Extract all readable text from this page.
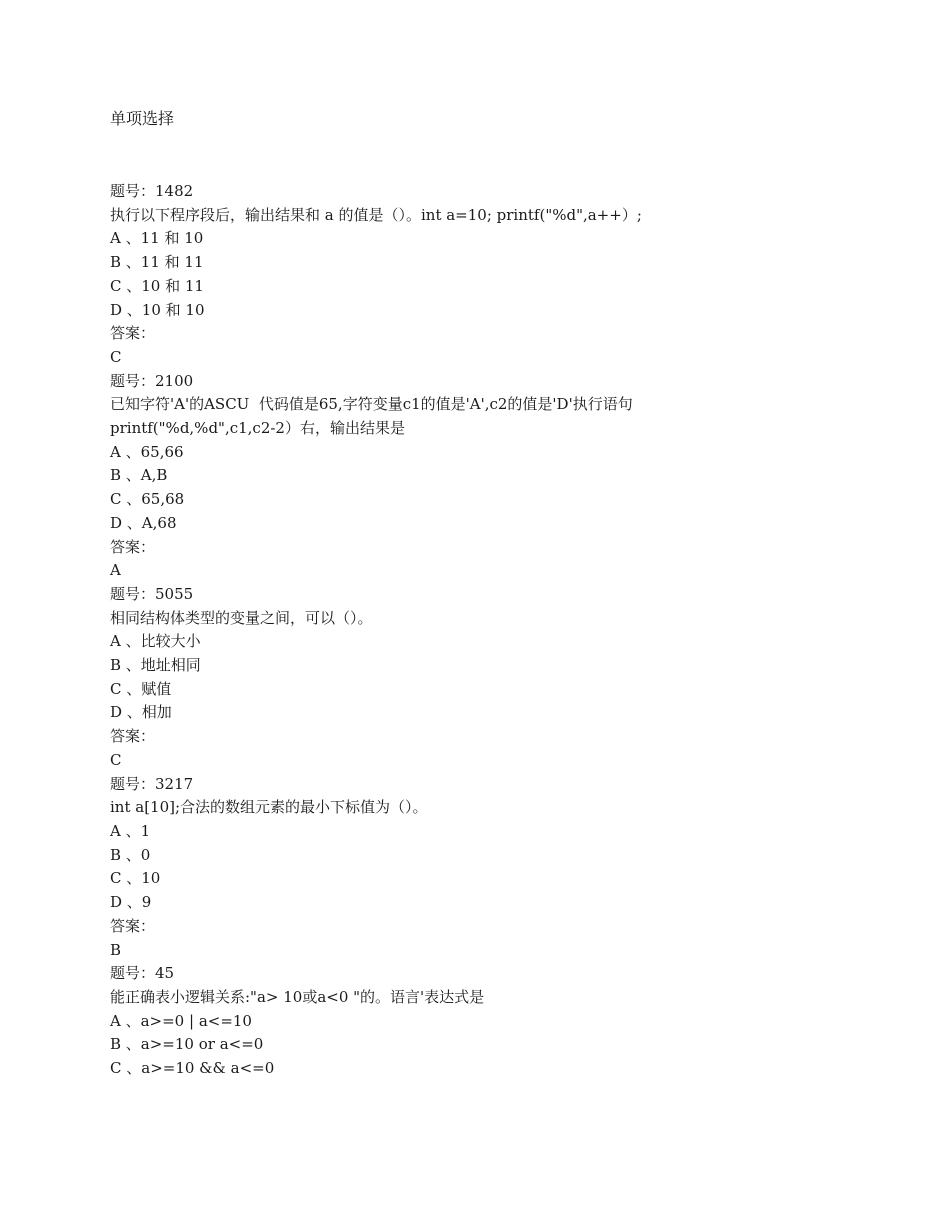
单项选择
题号：1482
执行以下程序段后，输出结果和 a 的值是（）。int a=10; printf("%d",a++）;
A 、11 和 10
B 、11 和 11
C 、10 和 11
D 、10 和 10
答案：
C
题号：2100
已知字符'A'的ASCU  代码值是65,字符变量c1的值是'A',c2的值是'D'执行语句
printf("%d,%d",c1,c2-2）右，输出结果是
A 、65,66
B 、A,B
C 、65,68
D 、A,68
答案：
A
题号：5055
相同结构体类型的变量之间，可以（）。
A 、比较大小
B 、地址相同
C 、赋值
D 、相加
答案：
C
题号：3217
int a[10];合法的数组元素的最小下标值为（）。
A 、1
B 、0
C 、10
D 、9
答案：
B
题号：45
能正确表小逻辑关系:"a> 10或a<0 "的。语言'表达式是
A 、a>=0 | a<=10
B 、a>=10 or a<=0
C 、a>=10 && a<=0
